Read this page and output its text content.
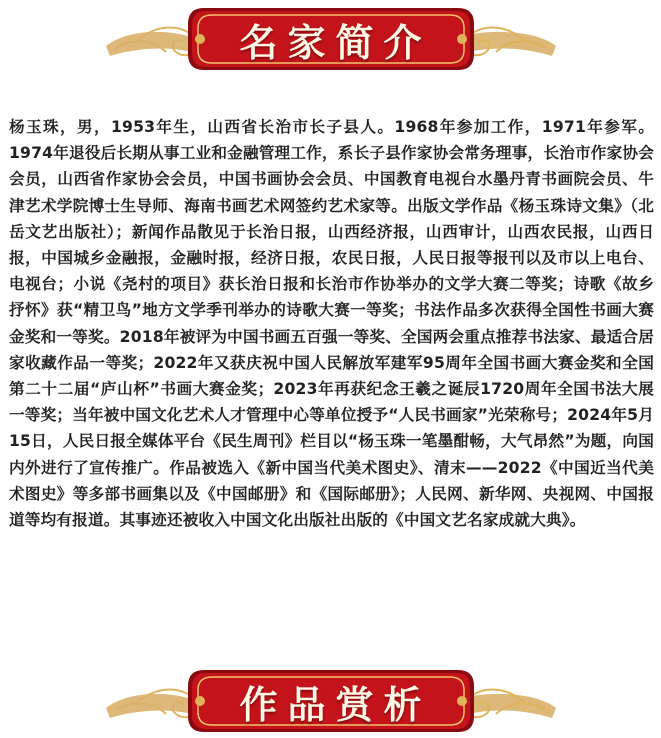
名家简介

杨玉珠，男，1953年生，山西省长治市长子县人。1968年参加工作，1971年参军。1974年退役后长期从事工业和金融管理工作，系长子县作家协会常务理事，长治市作家协会会员，山西省作家协会会员，中国书画协会会员、中国教育电视台水墨丹青书画院会员、牛津艺术学院博士生导师、海南书画艺术网签约艺术家等。出版文学作品《杨玉珠诗文集》（北岳文艺出版社）；新闻作品散见于长治日报，山西经济报，山西审计，山西农民报，山西日报，中国城乡金融报，金融时报，经济日报，农民日报，人民日报等报刊以及市以上电台、电视台；小说《尧村的项目》获长治日报和长治市作协举办的文学大赛二等奖；诗歌《故乡抒怀》获“精卫鸟”地方文学季刊举办的诗歌大赛一等奖；书法作品多次获得全国性书画大赛金奖和一等奖。2018年被评为中国书画五百强一等奖、全国两会重点推荐书法家、最适合居家收藏作品一等奖；2022年又获庆祝中国人民解放军建军95周年全国书画大赛金奖和全国第二十二届“庐山杯”书画大赛金奖；2023年再获纪念王羲之诞辰1720周年全国书法大展一等奖；当年被中国文化艺术人才管理中心等单位授予“人民书画家”光荣称号；2024年5月15日，人民日报全媒体平台《民生周刊》栏目以“杨玉珠一笔墨酣畅，大气昂然”为题，向国内外进行了宣传推广。作品被选入《新中国当代美术图史》、清末——2022《中国近当代美术图史》等多部书画集以及《中国邮册》和《国际邮册》；人民网、新华网、央视网、中国报道等均有报道。其事迹还被收入中国文化出版社出版的《中国文艺名家成就大典》。

作品赏析
